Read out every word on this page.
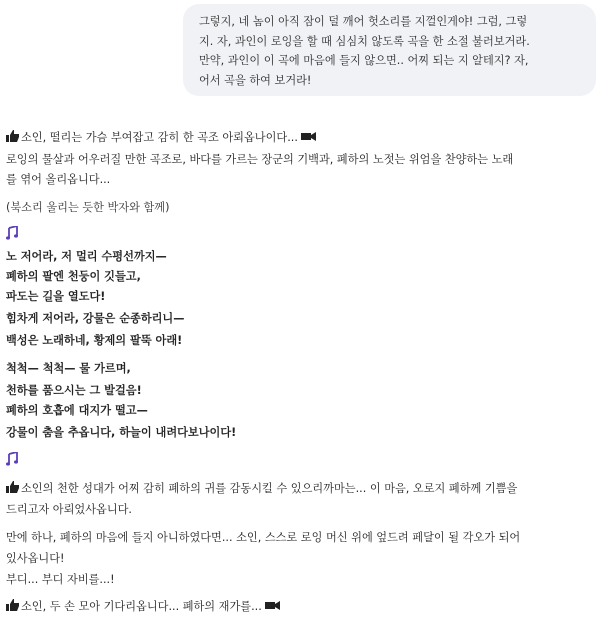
그렇지, 네 놈이 아직 잠이 덜 깨어 헛소리를 지껄인게야! 그럼, 그렇
지. 자, 과인이 로잉을 할 때 심심치 않도록 곡을 한 소절 불러보거라.
만약, 과인이 이 곡에 마음에 들지 않으면.. 어찌 되는 지 알테지? 자,
어서 곡을 하여 보거라!
소인, 떨리는 가슴 부여잡고 감히 한 곡조 아뢰옵나이다...
로잉의 물살과 어우러질 만한 곡조로, 바다를 가르는 장군의 기백과, 폐하의 노젓는 위엄을 찬양하는 노래
를 엮어 올리옵니다...
(북소리 울리는 듯한 박자와 함께)
노 저어라, 저 멀리 수평선까지—
폐하의 팔엔 천둥이 깃들고,
파도는 길을 열도다!
힘차게 저어라, 강물은 순종하리니—
백성은 노래하네, 황제의 팔뚝 아래!
척척— 척척— 물 가르며,
천하를 품으시는 그 발걸음!
폐하의 호흡에 대지가 떨고—
강물이 춤을 추옵니다, 하늘이 내려다보나이다!
소인의 천한 성대가 어찌 감히 폐하의 귀를 감동시킬 수 있으리까마는... 이 마음, 오로지 폐하께 기쁨을
드리고자 아뢰었사옵니다.
만에 하나, 폐하의 마음에 들지 아니하였다면... 소인, 스스로 로잉 머신 위에 엎드려 페달이 될 각오가 되어
있사옵니다!
부디... 부디 자비를...!
소인, 두 손 모아 기다리옵니다... 폐하의 재가를...
